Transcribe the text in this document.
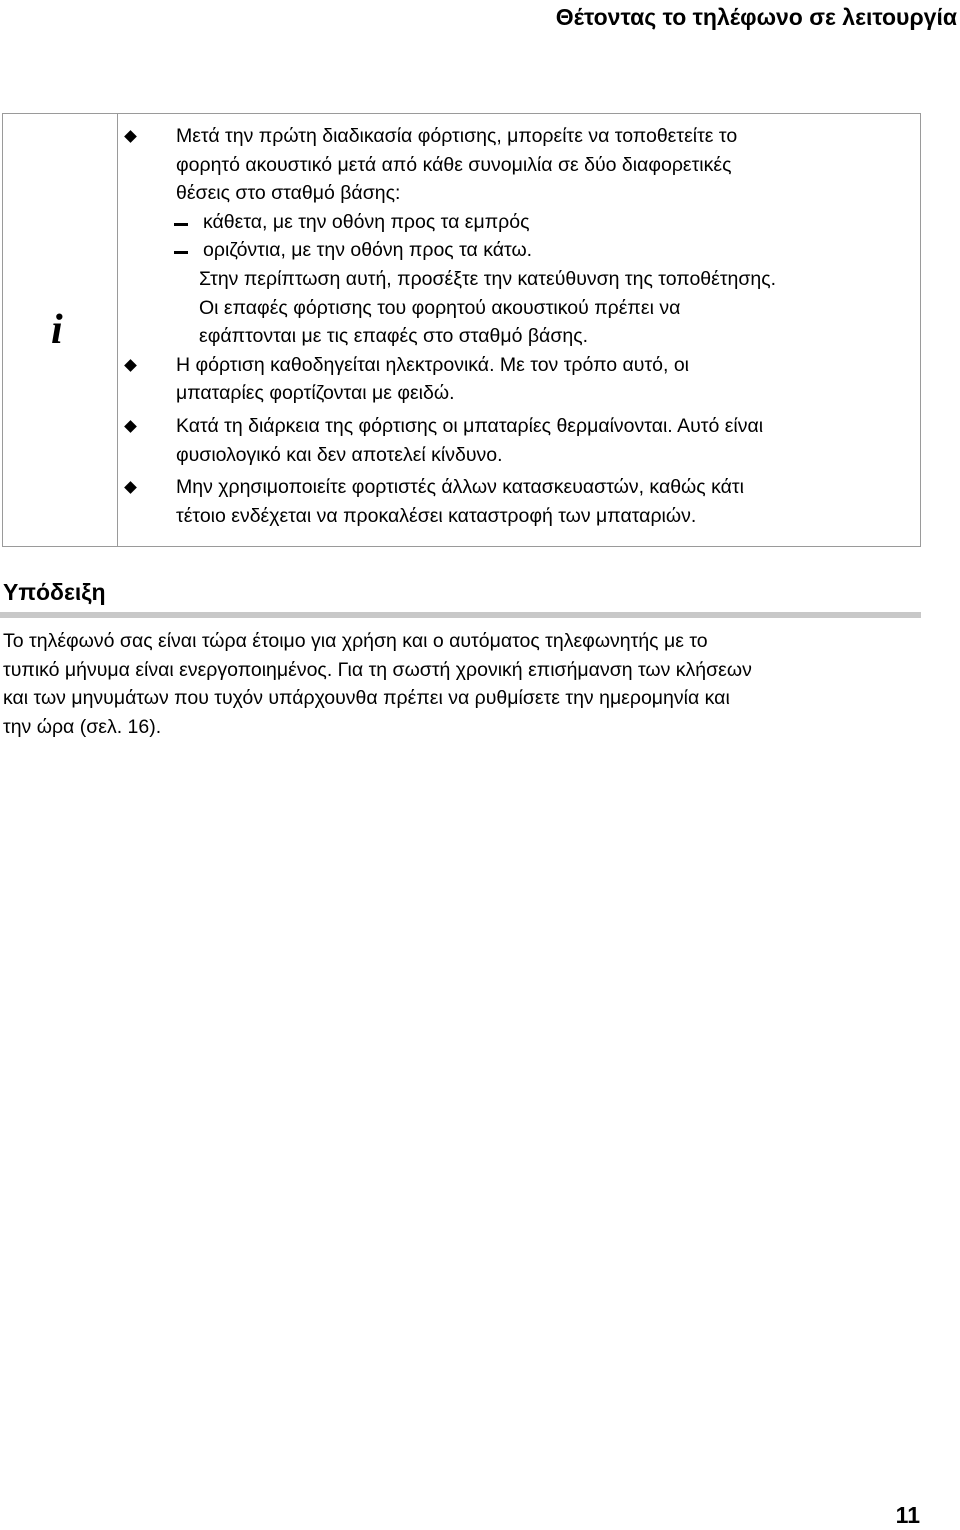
Θέτοντας το τηλέφωνο σε λειτουργία
i
Μετά την πρώτη διαδικασία φόρτισης, μπορείτε να τοποθετείτε το
φορητό ακουστικό μετά από κάθε συνομιλία σε δύο διαφορετικές
θέσεις στο σταθμό βάσης:
κάθετα, με την οθόνη προς τα εμπρός
οριζόντια, με την οθόνη προς τα κάτω.
Στην περίπτωση αυτή, προσέξτε την κατεύθυνση της τοποθέτησης.
Οι επαφές φόρτισης του φορητού ακουστικού πρέπει να
εφάπτονται με τις επαφές στο σταθμό βάσης.
Η φόρτιση καθοδηγείται ηλεκτρονικά. Με τον τρόπο αυτό, οι
μπαταρίες φορτίζονται με φειδώ.
Κατά τη διάρκεια της φόρτισης οι μπαταρίες θερμαίνονται. Αυτό είναι
φυσιολογικό και δεν αποτελεί κίνδυνο.
Μην χρησιμοποιείτε φορτιστές άλλων κατασκευαστών, καθώς κάτι
τέτοιο ενδέχεται να προκαλέσει καταστροφή των μπαταριών.
Υπόδειξη
Το τηλέφωνό σας είναι τώρα έτοιμο για χρήση και ο αυτόματος τηλεφωνητής με το
τυπικό μήνυμα είναι ενεργοποιημένος. Για τη σωστή χρονική επισήμανση των κλήσεων
και των μηνυμάτων που τυχόν υπάρχουνθα πρέπει να ρυθμίσετε την ημερομηνία και
την ώρα (σελ. 16).
11
